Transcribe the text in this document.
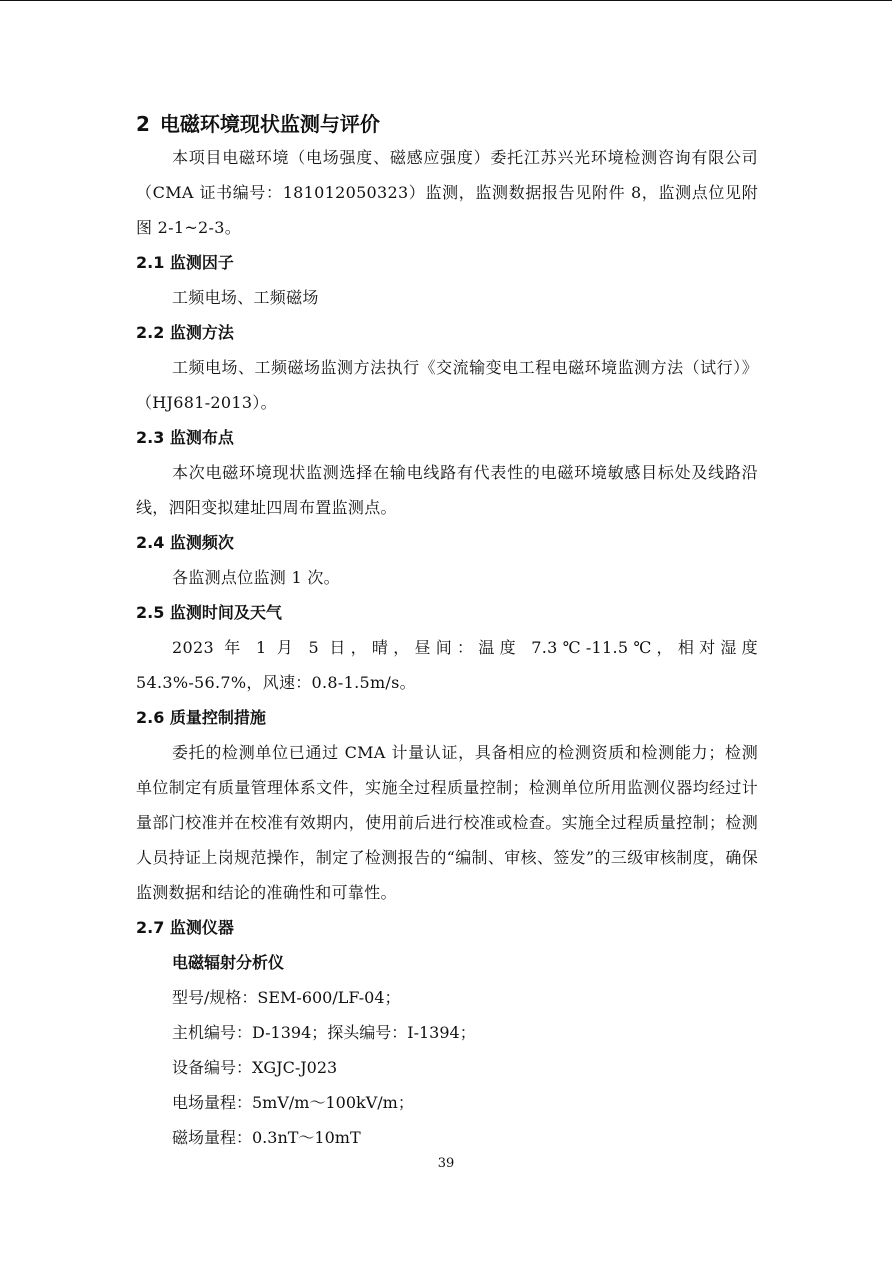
2 电磁环境现状监测与评价

本项目电磁环境（电场强度、磁感应强度）委托江苏兴光环境检测咨询有限公司（CMA 证书编号：181012050323）监测，监测数据报告见附件 8，监测点位见附图 2-1~2-3。

2.1 监测因子

工频电场、工频磁场

2.2 监测方法

工频电场、工频磁场监测方法执行《交流输变电工程电磁环境监测方法（试行）》（HJ681-2013）。

2.3 监测布点

本次电磁环境现状监测选择在输电线路有代表性的电磁环境敏感目标处及线路沿线，泗阳变拟建址四周布置监测点。

2.4 监测频次

各监测点位监测 1 次。

2.5 监测时间及天气

2023 年 1 月 5 日，晴，昼间：温度 7.3℃-11.5℃，相对湿度 54.3%-56.7%，风速：0.8-1.5m/s。

2.6 质量控制措施

委托的检测单位已通过 CMA 计量认证，具备相应的检测资质和检测能力；检测单位制定有质量管理体系文件，实施全过程质量控制；检测单位所用监测仪器均经过计量部门校准并在校准有效期内，使用前后进行校准或检查。实施全过程质量控制；检测人员持证上岗规范操作，制定了检测报告的“编制、审核、签发”的三级审核制度，确保监测数据和结论的准确性和可靠性。

2.7 监测仪器

电磁辐射分析仪

型号/规格：SEM-600/LF-04；

主机编号：D-1394；探头编号：I-1394；

设备编号：XGJC-J023

电场量程：5mV/m～100kV/m；

磁场量程：0.3nT～10mT

39
